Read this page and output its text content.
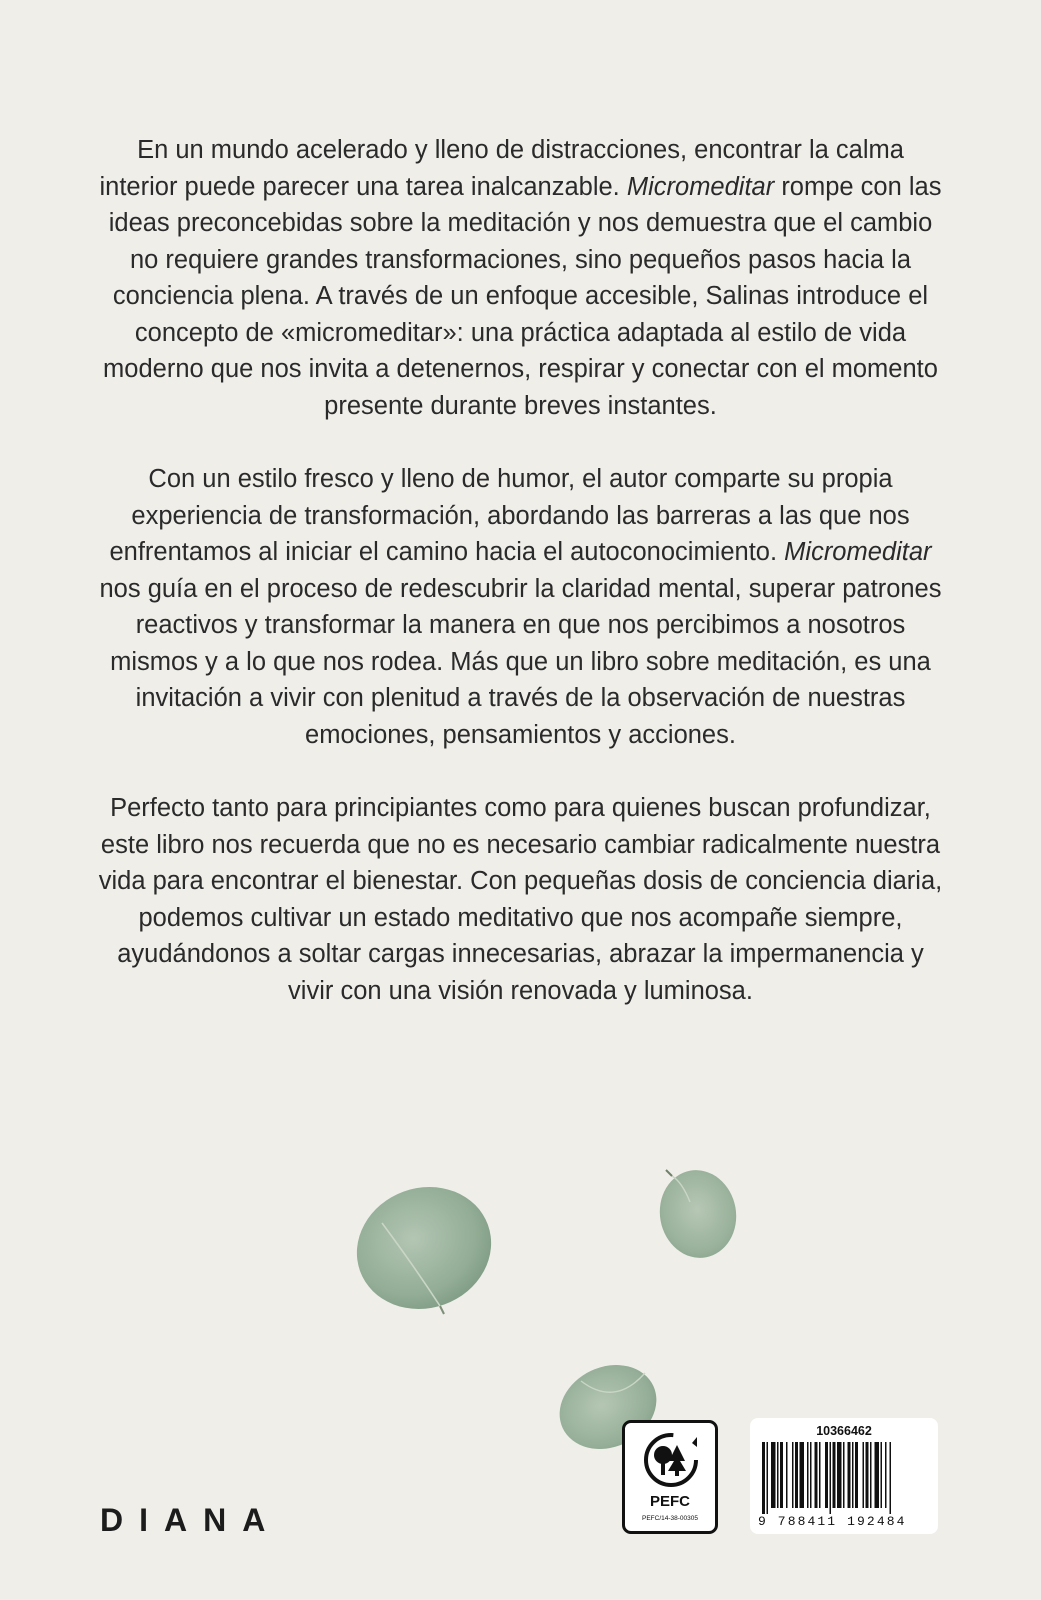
En un mundo acelerado y lleno de distracciones, encontrar la calma interior puede parecer una tarea inalcanzable. Micromeditar rompe con las ideas preconcebidas sobre la meditación y nos demuestra que el cambio no requiere grandes transformaciones, sino pequeños pasos hacia la conciencia plena. A través de un enfoque accesible, Salinas introduce el concepto de «micromeditar»: una práctica adaptada al estilo de vida moderno que nos invita a detenernos, respirar y conectar con el momento presente durante breves instantes.

Con un estilo fresco y lleno de humor, el autor comparte su propia experiencia de transformación, abordando las barreras a las que nos enfrentamos al iniciar el camino hacia el autoconocimiento. Micromeditar nos guía en el proceso de redescubrir la claridad mental, superar patrones reactivos y transformar la manera en que nos percibimos a nosotros mismos y a lo que nos rodea. Más que un libro sobre meditación, es una invitación a vivir con plenitud a través de la observación de nuestras emociones, pensamientos y acciones.

Perfecto tanto para principiantes como para quienes buscan profundizar, este libro nos recuerda que no es necesario cambiar radicalmente nuestra vida para encontrar el bienestar. Con pequeñas dosis de conciencia diaria, podemos cultivar un estado meditativo que nos acompañe siempre, ayudándonos a soltar cargas innecesarias, abrazar la impermanencia y vivir con una visión renovada y luminosa.

DIANA
PEFC
PEFC/14-38-00305
10366462
9 788411 192484
